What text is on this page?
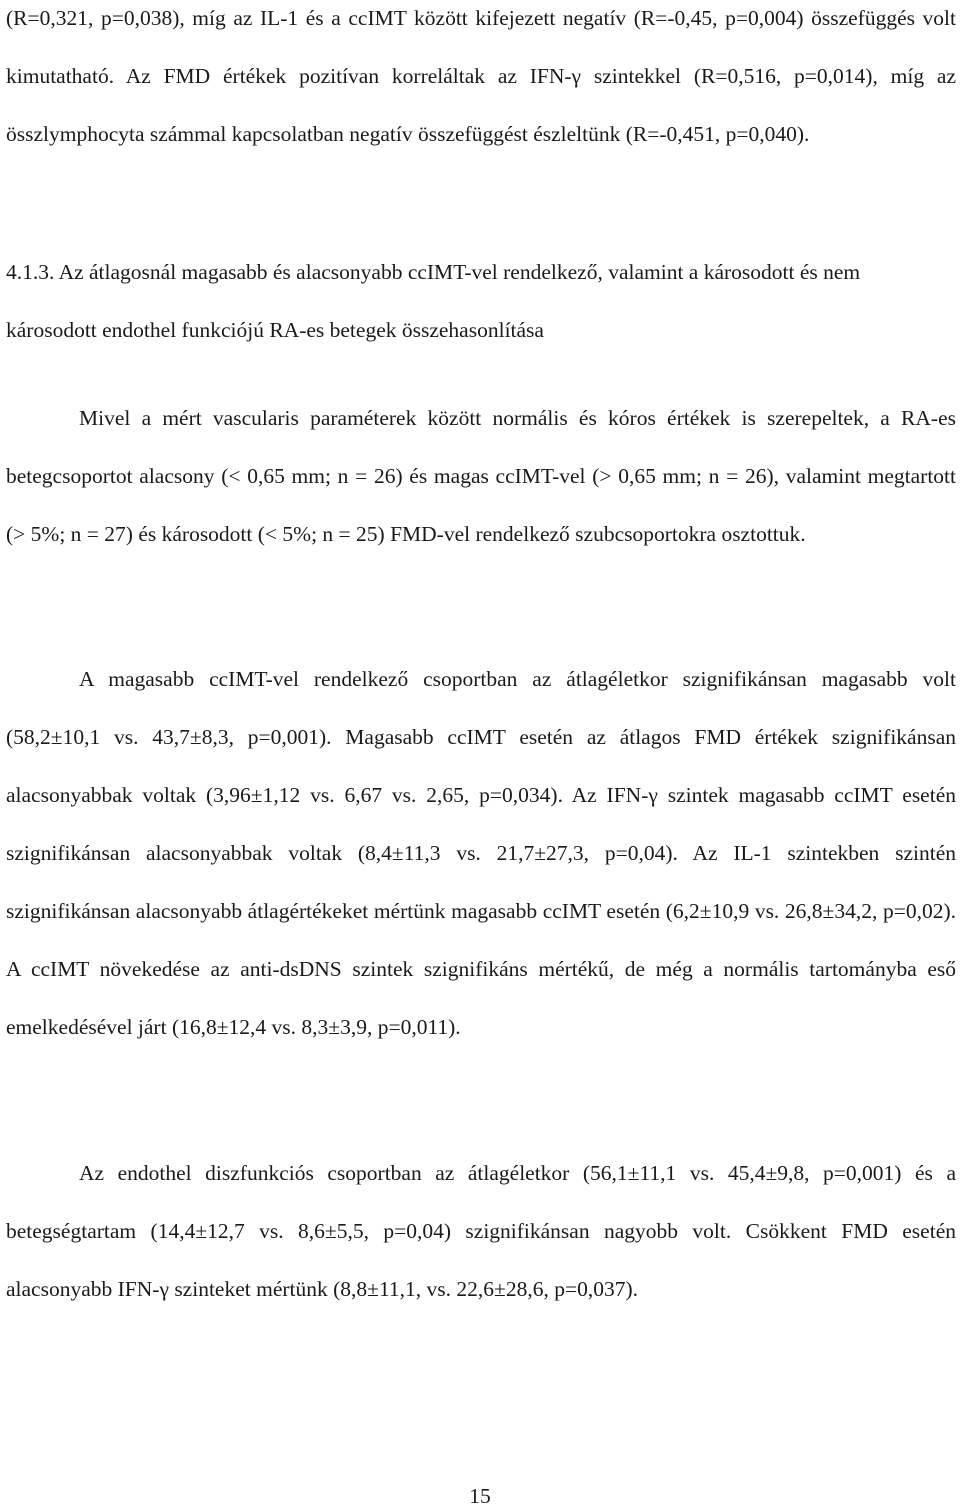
(R=0,321, p=0,038), míg az IL-1 és a ccIMT között kifejezett negatív (R=-0,45, p=0,004) összefüggés volt kimutatható. Az FMD értékek pozitívan korreláltak az IFN-γ szintekkel (R=0,516, p=0,014), míg az összlymphocyta számmal kapcsolatban negatív összefüggést észleltünk (R=-0,451, p=0,040).

4.1.3. Az átlagosnál magasabb és alacsonyabb ccIMT-vel rendelkező, valamint a károsodott és nem károsodott endothel funkciójú RA-es betegek összehasonlítása

Mivel a mért vascularis paraméterek között normális és kóros értékek is szerepeltek, a RA-es betegcsoportot alacsony (< 0,65 mm; n = 26) és magas ccIMT-vel (> 0,65 mm; n = 26), valamint megtartott (> 5%; n = 27) és károsodott (< 5%; n = 25) FMD-vel rendelkező szubcsoportokra osztottuk.

A magasabb ccIMT-vel rendelkező csoportban az átlagéletkor szignifikánsan magasabb volt (58,2±10,1 vs. 43,7±8,3, p=0,001). Magasabb ccIMT esetén az átlagos FMD értékek szignifikánsan alacsonyabbak voltak (3,96±1,12 vs. 6,67 vs. 2,65, p=0,034). Az IFN-γ szintek magasabb ccIMT esetén szignifikánsan alacsonyabbak voltak (8,4±11,3 vs. 21,7±27,3, p=0,04). Az IL-1 szintekben szintén szignifikánsan alacsonyabb átlagértékeket mértünk magasabb ccIMT esetén (6,2±10,9 vs. 26,8±34,2, p=0,02). A ccIMT növekedése az anti-dsDNS szintek szignifikáns mértékű, de még a normális tartományba eső emelkedésével járt (16,8±12,4 vs. 8,3±3,9, p=0,011).

Az endothel diszfunkciós csoportban az átlagéletkor (56,1±11,1 vs. 45,4±9,8, p=0,001) és a betegségtartam (14,4±12,7 vs. 8,6±5,5, p=0,04) szignifikánsan nagyobb volt. Csökkent FMD esetén alacsonyabb IFN-γ szinteket mértünk (8,8±11,1, vs. 22,6±28,6, p=0,037).

15
